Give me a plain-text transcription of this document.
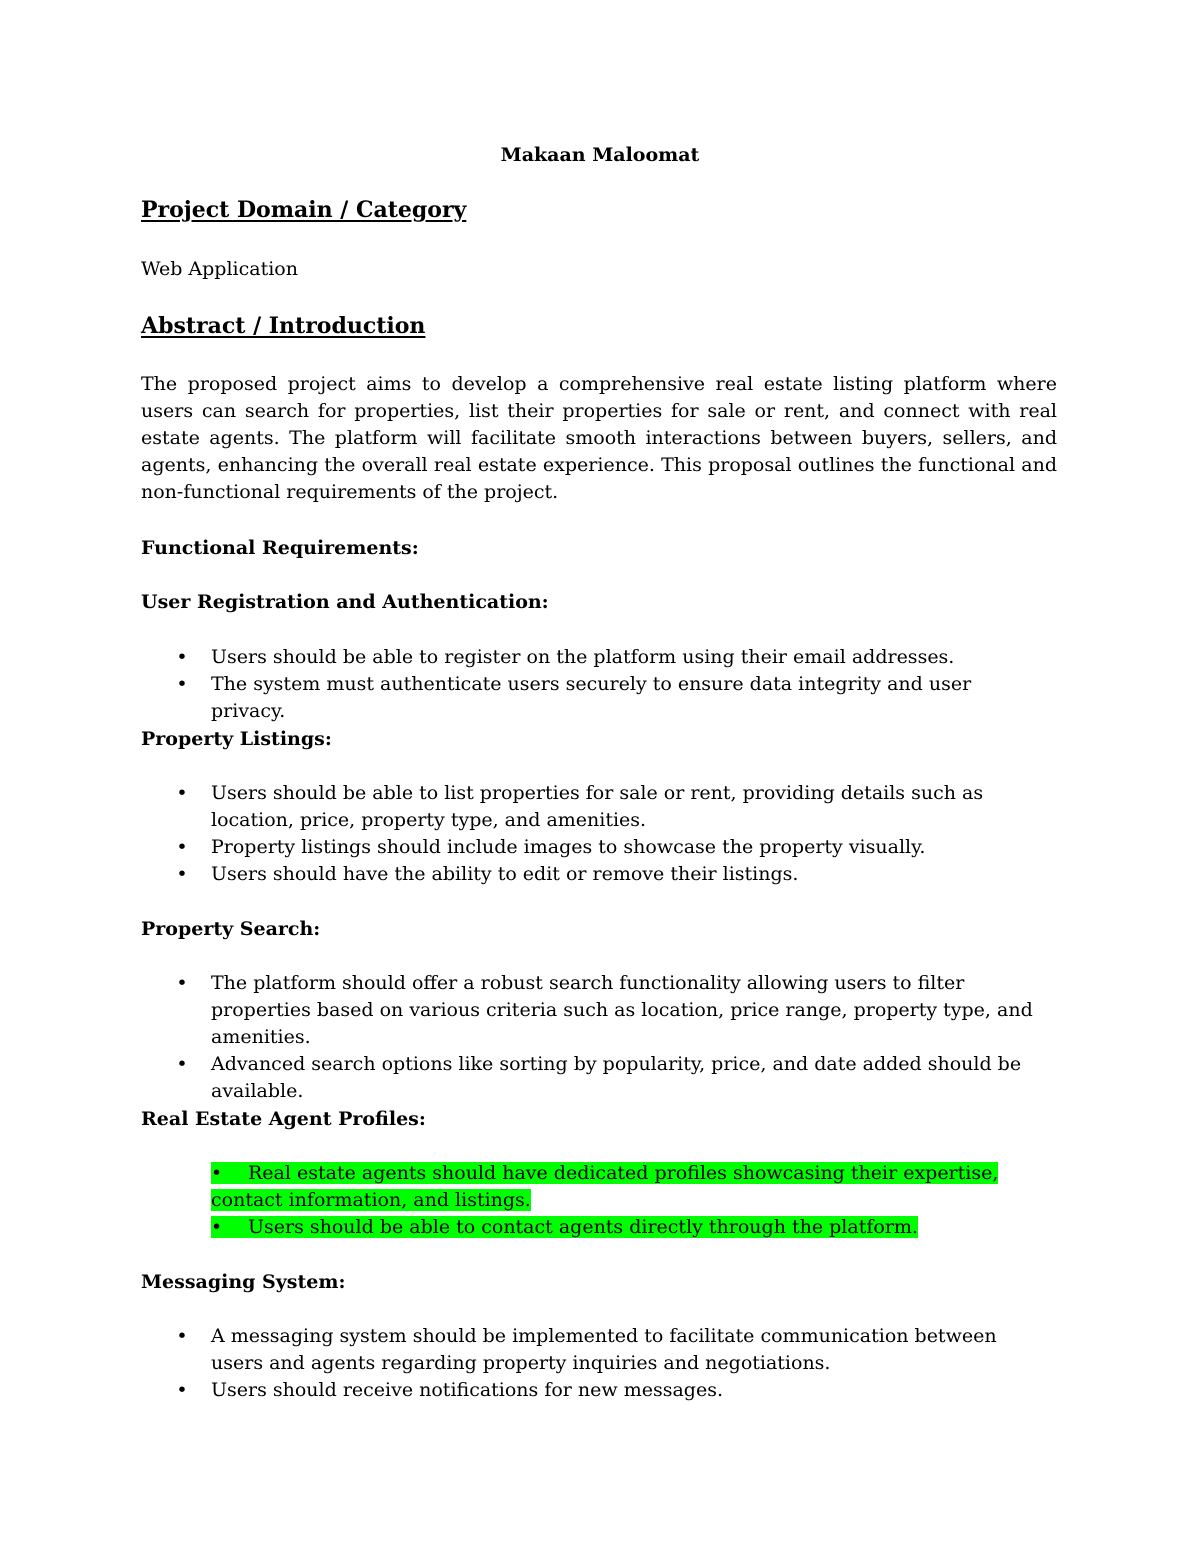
Makaan Maloomat
Project Domain / Category
Web Application
Abstract / Introduction
The proposed project aims to develop a comprehensive real estate listing platform where users can search for properties, list their properties for sale or rent, and connect with real estate agents. The platform will facilitate smooth interactions between buyers, sellers, and agents, enhancing the overall real estate experience. This proposal outlines the functional and non-functional requirements of the project.
Functional Requirements:
User Registration and Authentication:
• Users should be able to register on the platform using their email addresses.
• The system must authenticate users securely to ensure data integrity and user privacy.
Property Listings:
• Users should be able to list properties for sale or rent, providing details such as location, price, property type, and amenities.
• Property listings should include images to showcase the property visually.
• Users should have the ability to edit or remove their listings.
Property Search:
• The platform should offer a robust search functionality allowing users to filter properties based on various criteria such as location, price range, property type, and amenities.
• Advanced search options like sorting by popularity, price, and date added should be available.
Real Estate Agent Profiles:
• Real estate agents should have dedicated profiles showcasing their expertise, contact information, and listings.
• Users should be able to contact agents directly through the platform.
Messaging System:
• A messaging system should be implemented to facilitate communication between users and agents regarding property inquiries and negotiations.
• Users should receive notifications for new messages.
